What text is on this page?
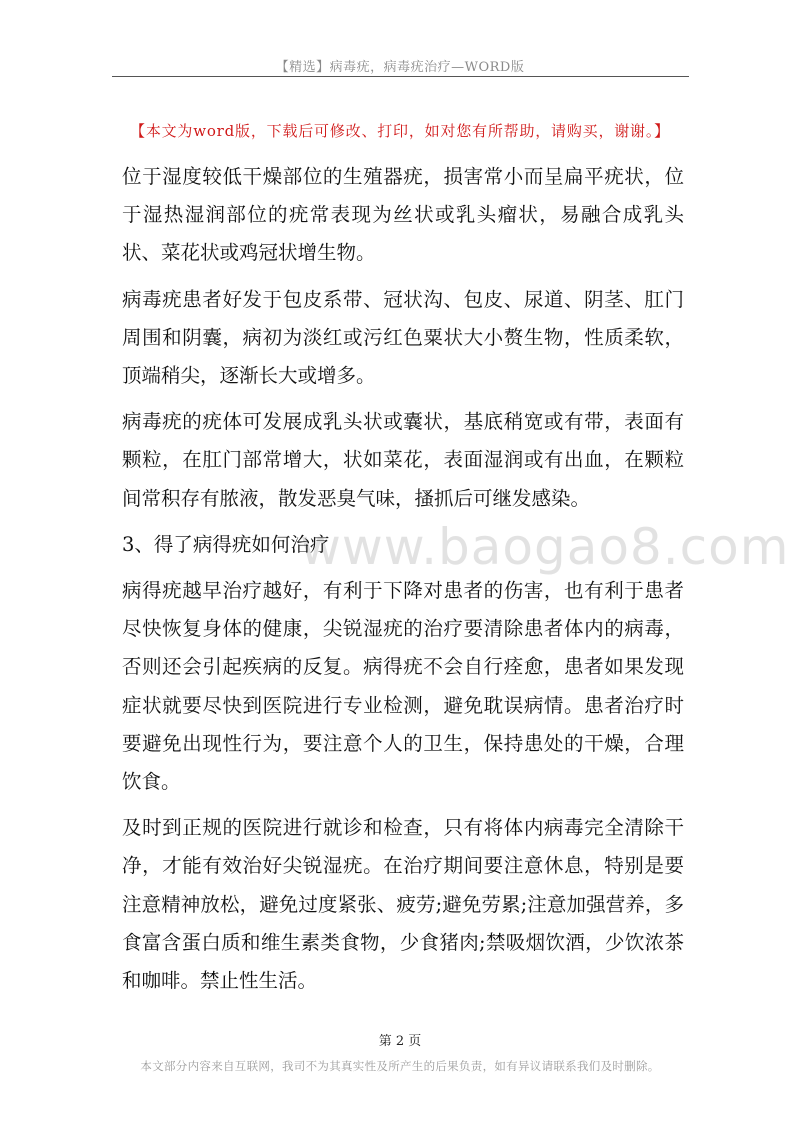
【精选】病毒疣，病毒疣治疗—WORD版
【本文为word版，下载后可修改、打印，如对您有所帮助，请购买，谢谢。】
www.baogao8.com

位于湿度较低干燥部位的生殖器疣，损害常小而呈扁平疣状，位于湿热湿润部位的疣常表现为丝状或乳头瘤状，易融合成乳头状、菜花状或鸡冠状增生物。

病毒疣患者好发于包皮系带、冠状沟、包皮、尿道、阴茎、肛门周围和阴囊，病初为淡红或污红色粟状大小赘生物，性质柔软，顶端稍尖，逐渐长大或增多。

病毒疣的疣体可发展成乳头状或囊状，基底稍宽或有带，表面有颗粒，在肛门部常增大，状如菜花，表面湿润或有出血，在颗粒间常积存有脓液，散发恶臭气味，搔抓后可继发感染。

3、得了病得疣如何治疗

病得疣越早治疗越好，有利于下降对患者的伤害，也有利于患者尽快恢复身体的健康，尖锐湿疣的治疗要清除患者体内的病毒，否则还会引起疾病的反复。病得疣不会自行痊愈，患者如果发现症状就要尽快到医院进行专业检测，避免耽误病情。患者治疗时要避免出现性行为，要注意个人的卫生，保持患处的干燥，合理饮食。

及时到正规的医院进行就诊和检查，只有将体内病毒完全清除干净，才能有效治好尖锐湿疣。在治疗期间要注意休息，特别是要注意精神放松，避免过度紧张、疲劳;避免劳累;注意加强营养，多食富含蛋白质和维生素类食物，少食猪肉;禁吸烟饮酒，少饮浓茶和咖啡。禁止性生活。

第 2 页
本文部分内容来自互联网，我司不为其真实性及所产生的后果负责，如有异议请联系我们及时删除。
